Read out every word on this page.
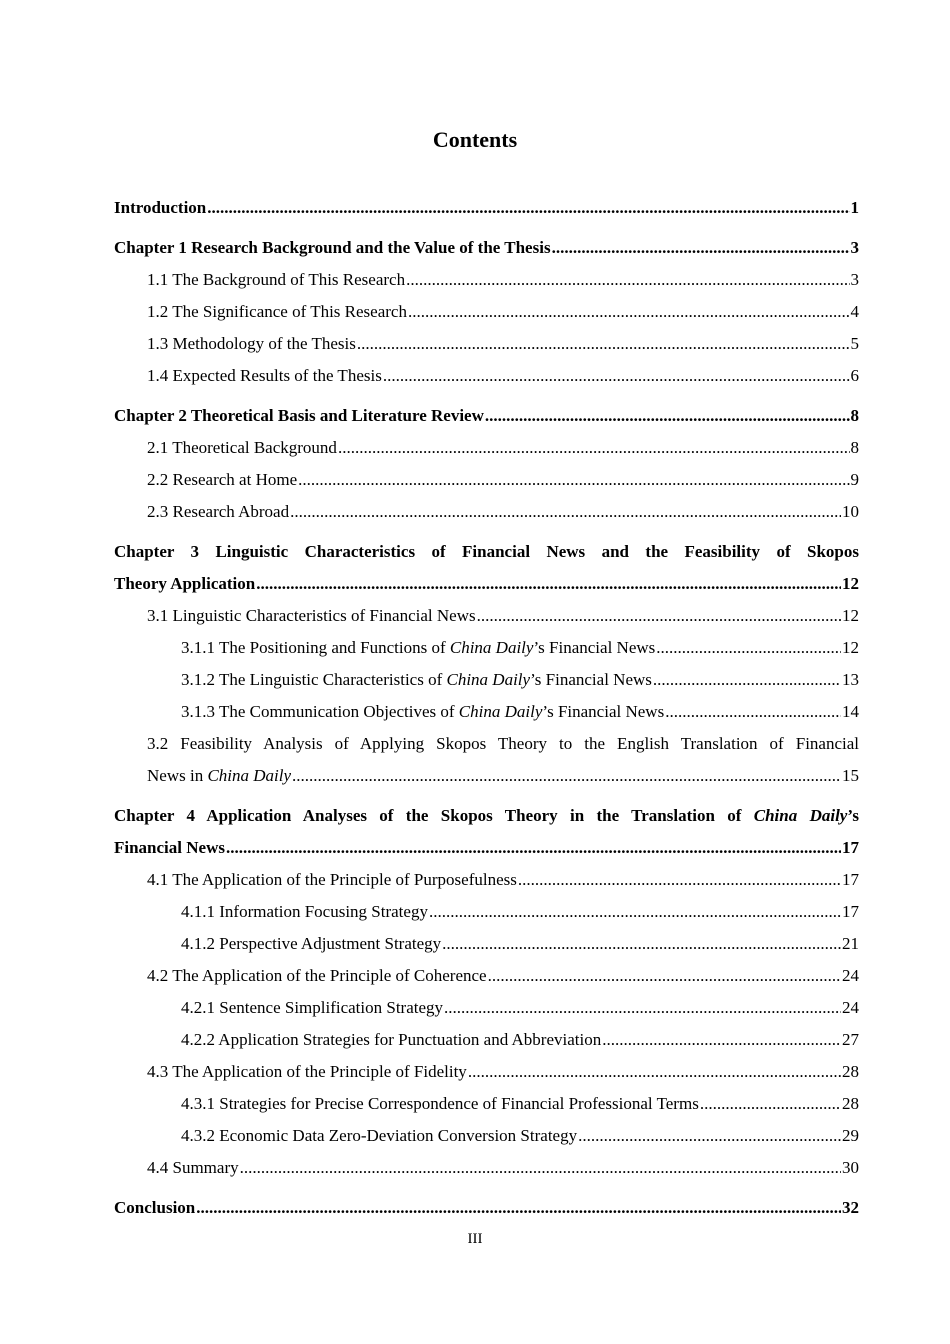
Contents
Introduction .....	1
Chapter 1 Research Background and the Value of the Thesis .....	3
1.1 The Background of This Research .....	3
1.2 The Significance of This Research .....	4
1.3 Methodology of the Thesis .....	5
1.4 Expected Results of the Thesis .....	6
Chapter 2 Theoretical Basis and Literature Review .....	8
2.1 Theoretical Background .....	8
2.2 Research at Home .....	9
2.3 Research Abroad .....	10
Chapter 3 Linguistic Characteristics of Financial News and the Feasibility of Skopos
Theory Application .....	12
3.1 Linguistic Characteristics of Financial News .....	12
3.1.1 The Positioning and Functions of China Daily’s Financial News .....	12
3.1.2 The Linguistic Characteristics of China Daily’s Financial News .....	13
3.1.3 The Communication Objectives of China Daily’s Financial News .....	14
3.2 Feasibility Analysis of Applying Skopos Theory to the English Translation of Financial
News in China Daily .....	15
Chapter 4 Application Analyses of the Skopos Theory in the Translation of China Daily’s
Financial News .....	17
4.1 The Application of the Principle of Purposefulness .....	17
4.1.1 Information Focusing Strategy .....	17
4.1.2 Perspective Adjustment Strategy .....	21
4.2 The Application of the Principle of Coherence .....	24
4.2.1 Sentence Simplification Strategy .....	24
4.2.2 Application Strategies for Punctuation and Abbreviation .....	27
4.3 The Application of the Principle of Fidelity .....	28
4.3.1 Strategies for Precise Correspondence of Financial Professional Terms .....	28
4.3.2 Economic Data Zero-Deviation Conversion Strategy .....	29
4.4 Summary .....	30
Conclusion .....	32
III
